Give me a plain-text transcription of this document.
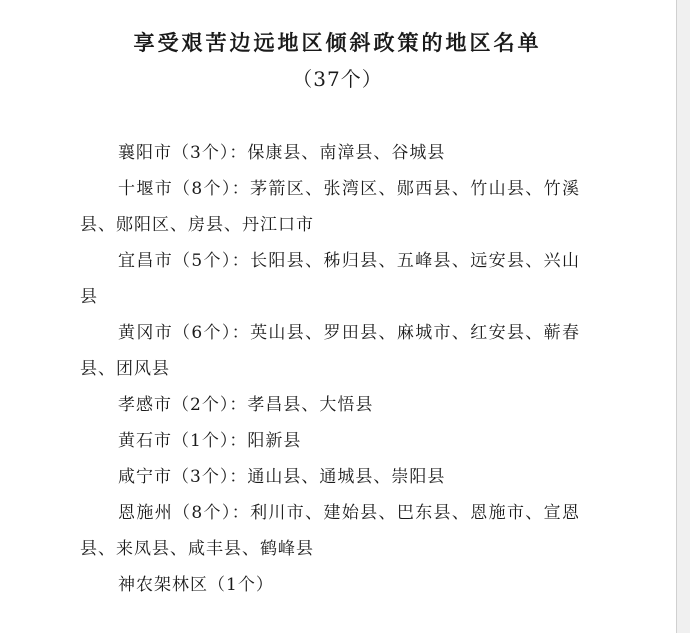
享受艰苦边远地区倾斜政策的地区名单
（37个）

襄阳市（3个）：保康县、南漳县、谷城县

十堰市（8个）：茅箭区、张湾区、郧西县、竹山县、竹溪县、郧阳区、房县、丹江口市

宜昌市（5个）：长阳县、秭归县、五峰县、远安县、兴山县

黄冈市（6个）：英山县、罗田县、麻城市、红安县、蕲春县、团风县

孝感市（2个）：孝昌县、大悟县

黄石市（1个）：阳新县

咸宁市（3个）：通山县、通城县、崇阳县

恩施州（8个）：利川市、建始县、巴东县、恩施市、宣恩县、来凤县、咸丰县、鹤峰县

神农架林区（1个）
